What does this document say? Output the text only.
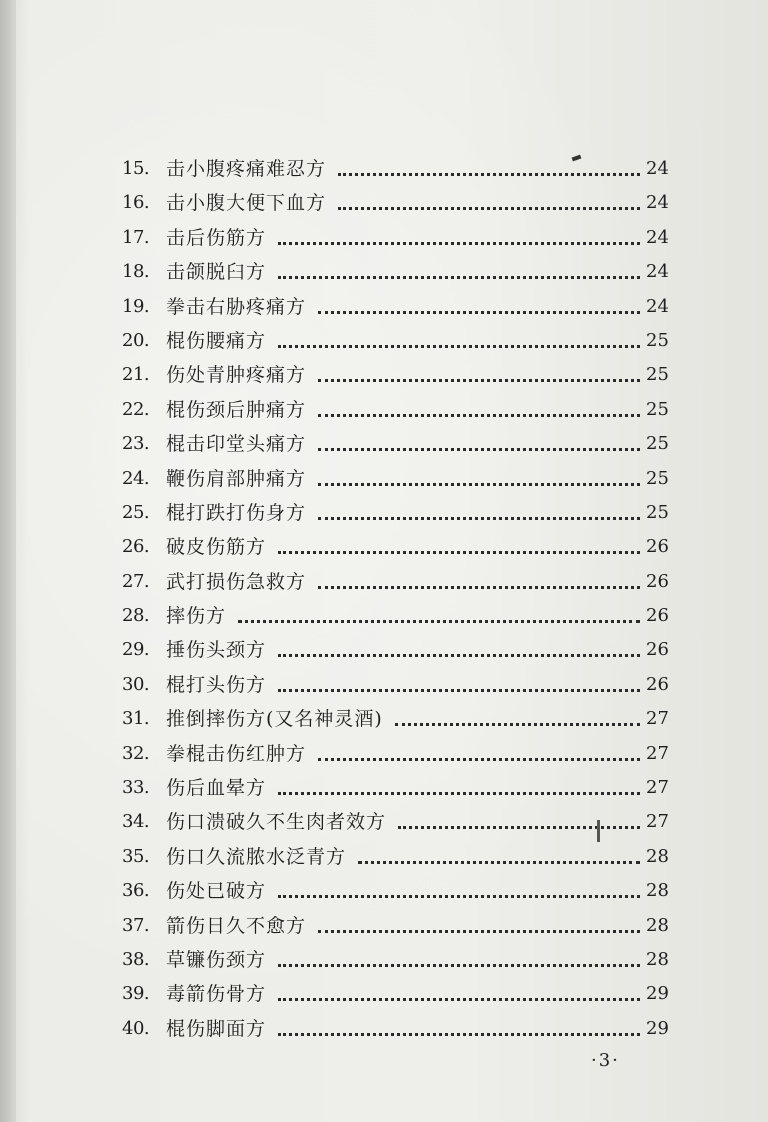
15. 击小腹疼痛难忍方	24
16. 击小腹大便下血方	24
17. 击后伤筋方	24
18. 击颌脱臼方	24
19. 拳击右胁疼痛方	24
20. 棍伤腰痛方	25
21. 伤处青肿疼痛方	25
22. 棍伤颈后肿痛方	25
23. 棍击印堂头痛方	25
24. 鞭伤肩部肿痛方	25
25. 棍打跌打伤身方	25
26. 破皮伤筋方	26
27. 武打损伤急救方	26
28. 摔伤方	26
29. 捶伤头颈方	26
30. 棍打头伤方	26
31. 推倒摔伤方(又名神灵酒)	27
32. 拳棍击伤红肿方	27
33. 伤后血晕方	27
34. 伤口溃破久不生肉者效方	27
35. 伤口久流脓水泛青方	28
36. 伤处已破方	28
37. 箭伤日久不愈方	28
38. 草镰伤颈方	28
39. 毒箭伤骨方	29
40. 棍伤脚面方	29
·3·
